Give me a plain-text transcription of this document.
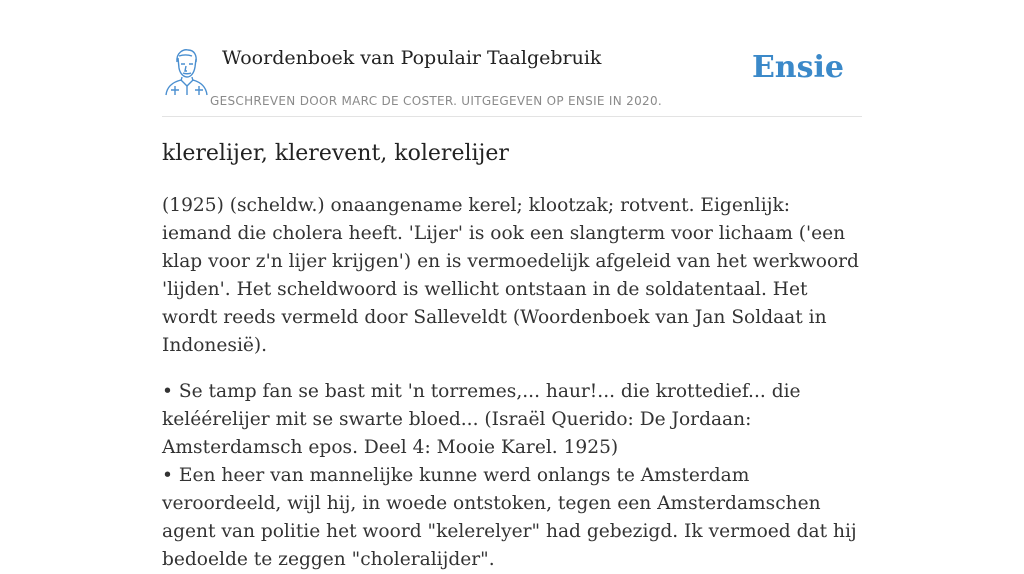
Woordenboek van Populair Taalgebruik
GESCHREVEN DOOR MARC DE COSTER. UITGEGEVEN OP ENSIE IN 2020.
Ensie
klerelijer, klerevent, kolerelijer

(1925) (scheldw.) onaangename kerel; klootzak; rotvent. Eigenlijk: iemand die cholera heeft. 'Lijer' is ook een slangterm voor lichaam ('een klap voor z'n lijer krijgen') en is vermoedelijk afgeleid van het werkwoord 'lijden'. Het scheldwoord is wellicht ontstaan in de soldatentaal. Het wordt reeds vermeld door Salleveldt (Woordenboek van Jan Soldaat in Indonesië).

• Se tamp fan se bast mit 'n torremes,... haur!... die krottedief... die keléérelijer mit se swarte bloed... (Israël Querido: De Jordaan: Amsterdamsch epos. Deel 4: Mooie Karel. 1925)

• Een heer van mannelijke kunne werd onlangs te Amsterdam veroordeeld, wijl hij, in woede ontstoken, tegen een Amsterdamschen agent van politie het woord "kelerelyer" had gebezigd. Ik vermoed dat hij bedoelde te zeggen "choleralijder".
